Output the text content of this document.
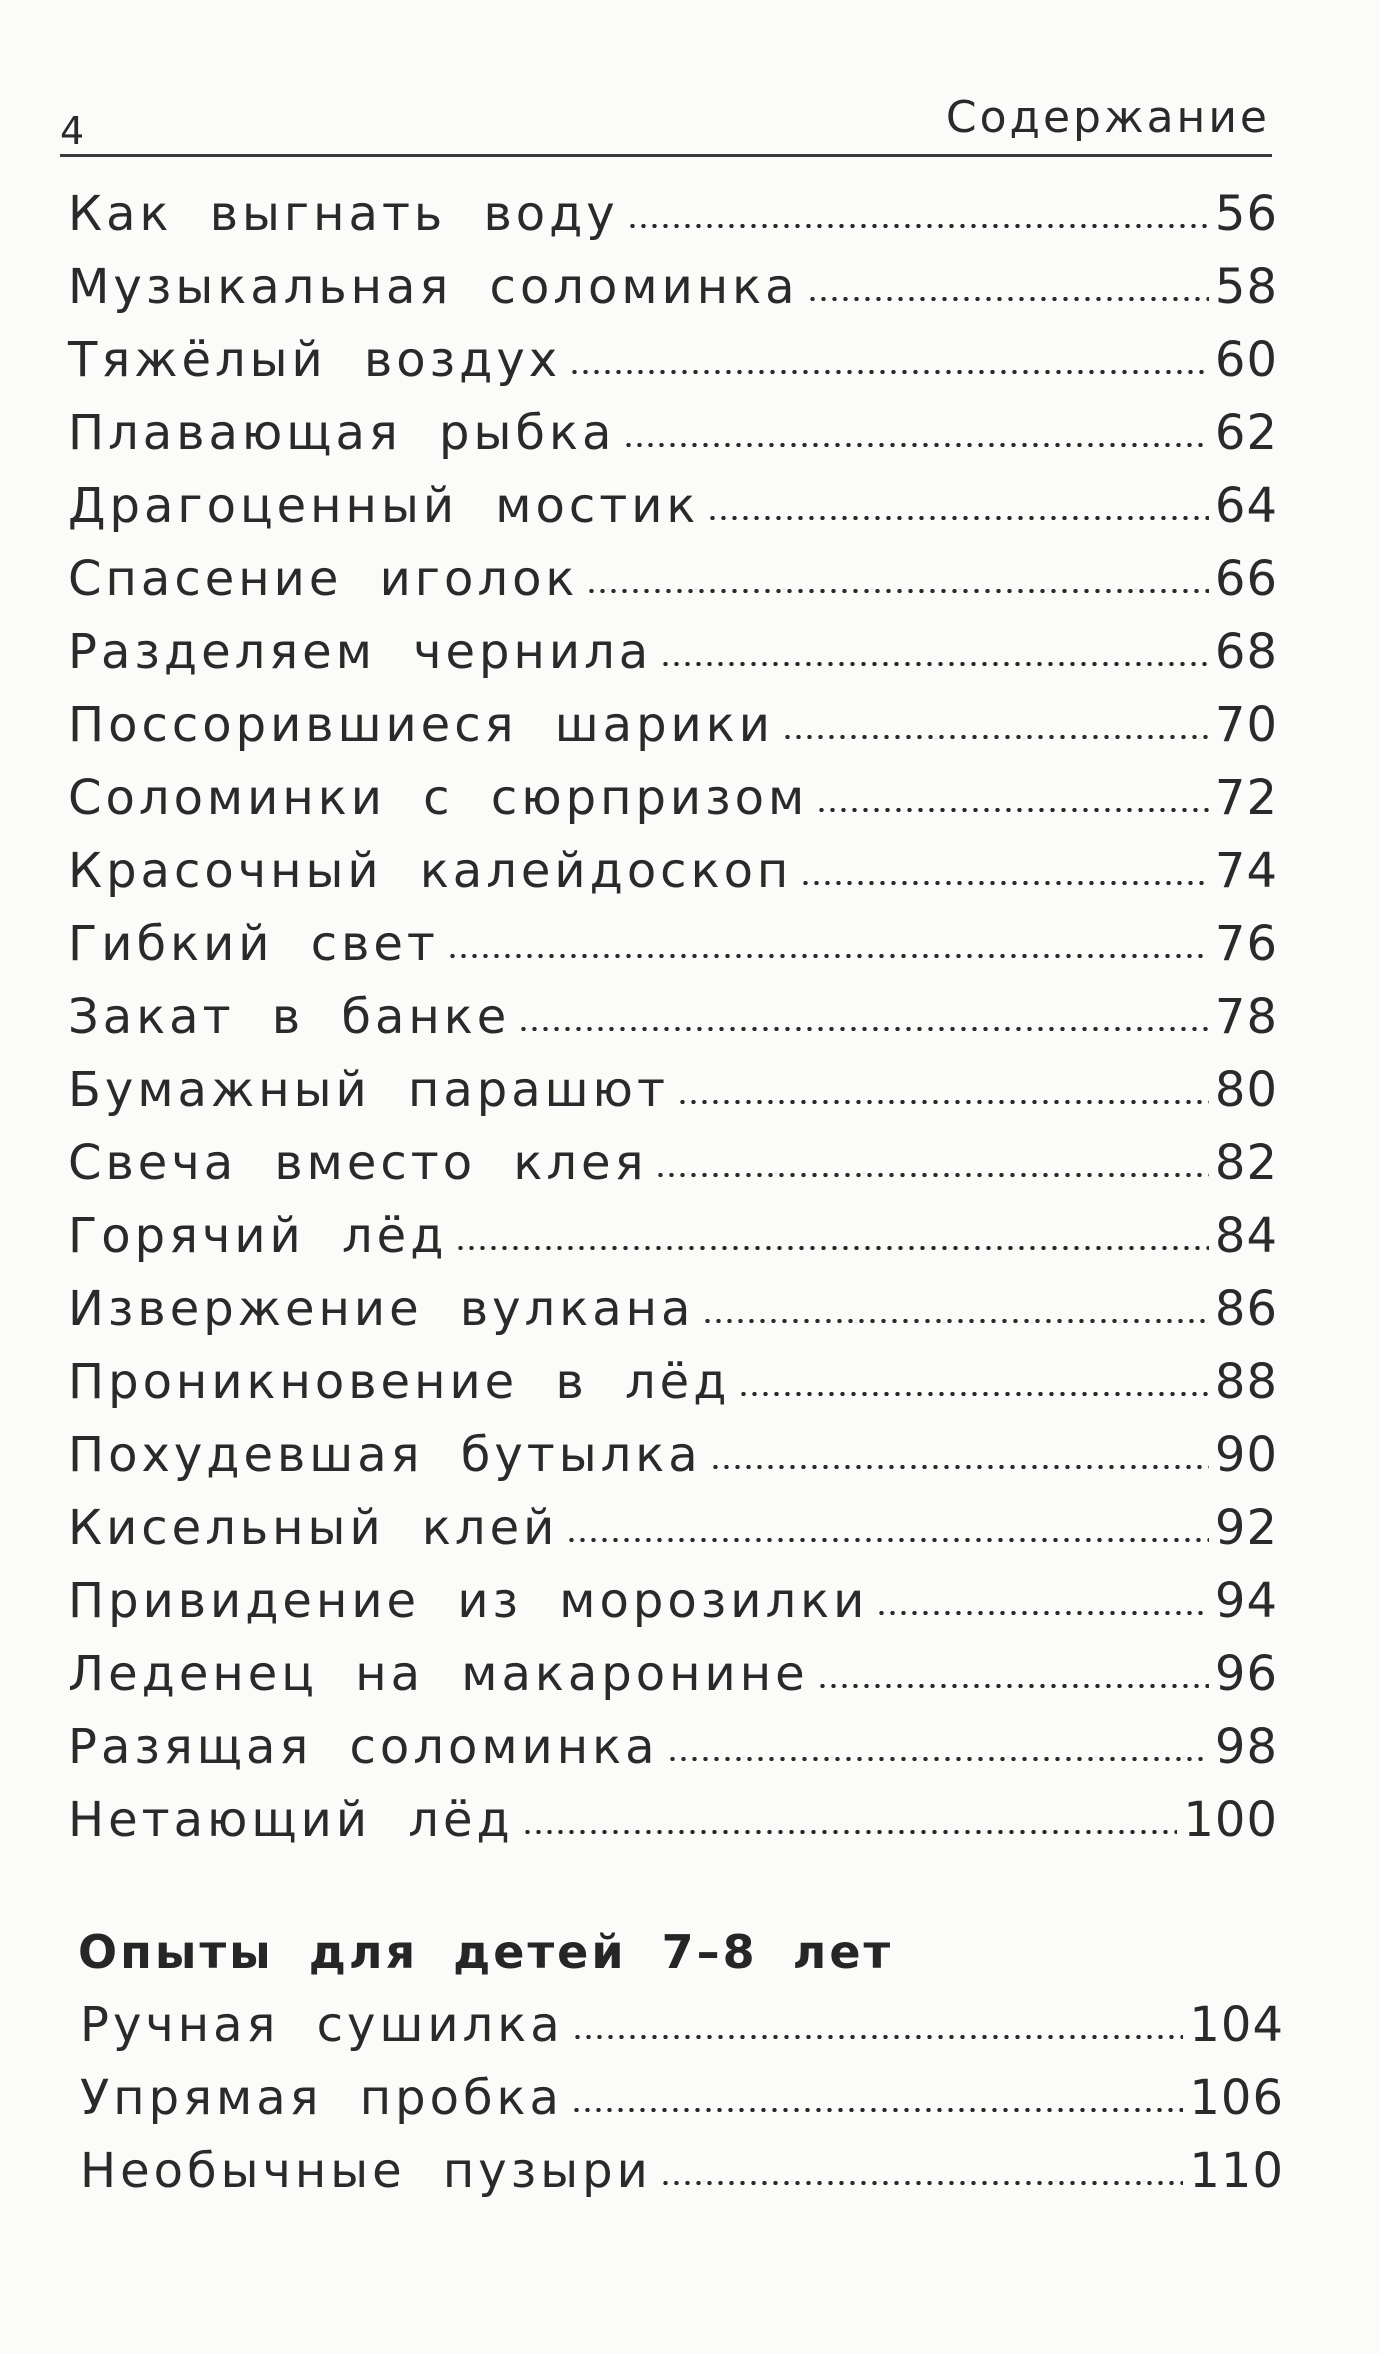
4	Содержание
Как выгнать воду	56
Музыкальная соломинка	58
Тяжёлый воздух	60
Плавающая рыбка	62
Драгоценный мостик	64
Спасение иголок	66
Разделяем чернила	68
Поссорившиеся шарики	70
Соломинки с сюрпризом	72
Красочный калейдоскоп	74
Гибкий свет	76
Закат в банке	78
Бумажный парашют	80
Свеча вместо клея	82
Горячий лёд	84
Извержение вулкана	86
Проникновение в лёд	88
Похудевшая бутылка	90
Кисельный клей	92
Привидение из морозилки	94
Леденец на макаронине	96
Разящая соломинка	98
Нетающий лёд	100
Опыты для детей 7–8 лет
Ручная сушилка	104
Упрямая пробка	106
Необычные пузыри	110
